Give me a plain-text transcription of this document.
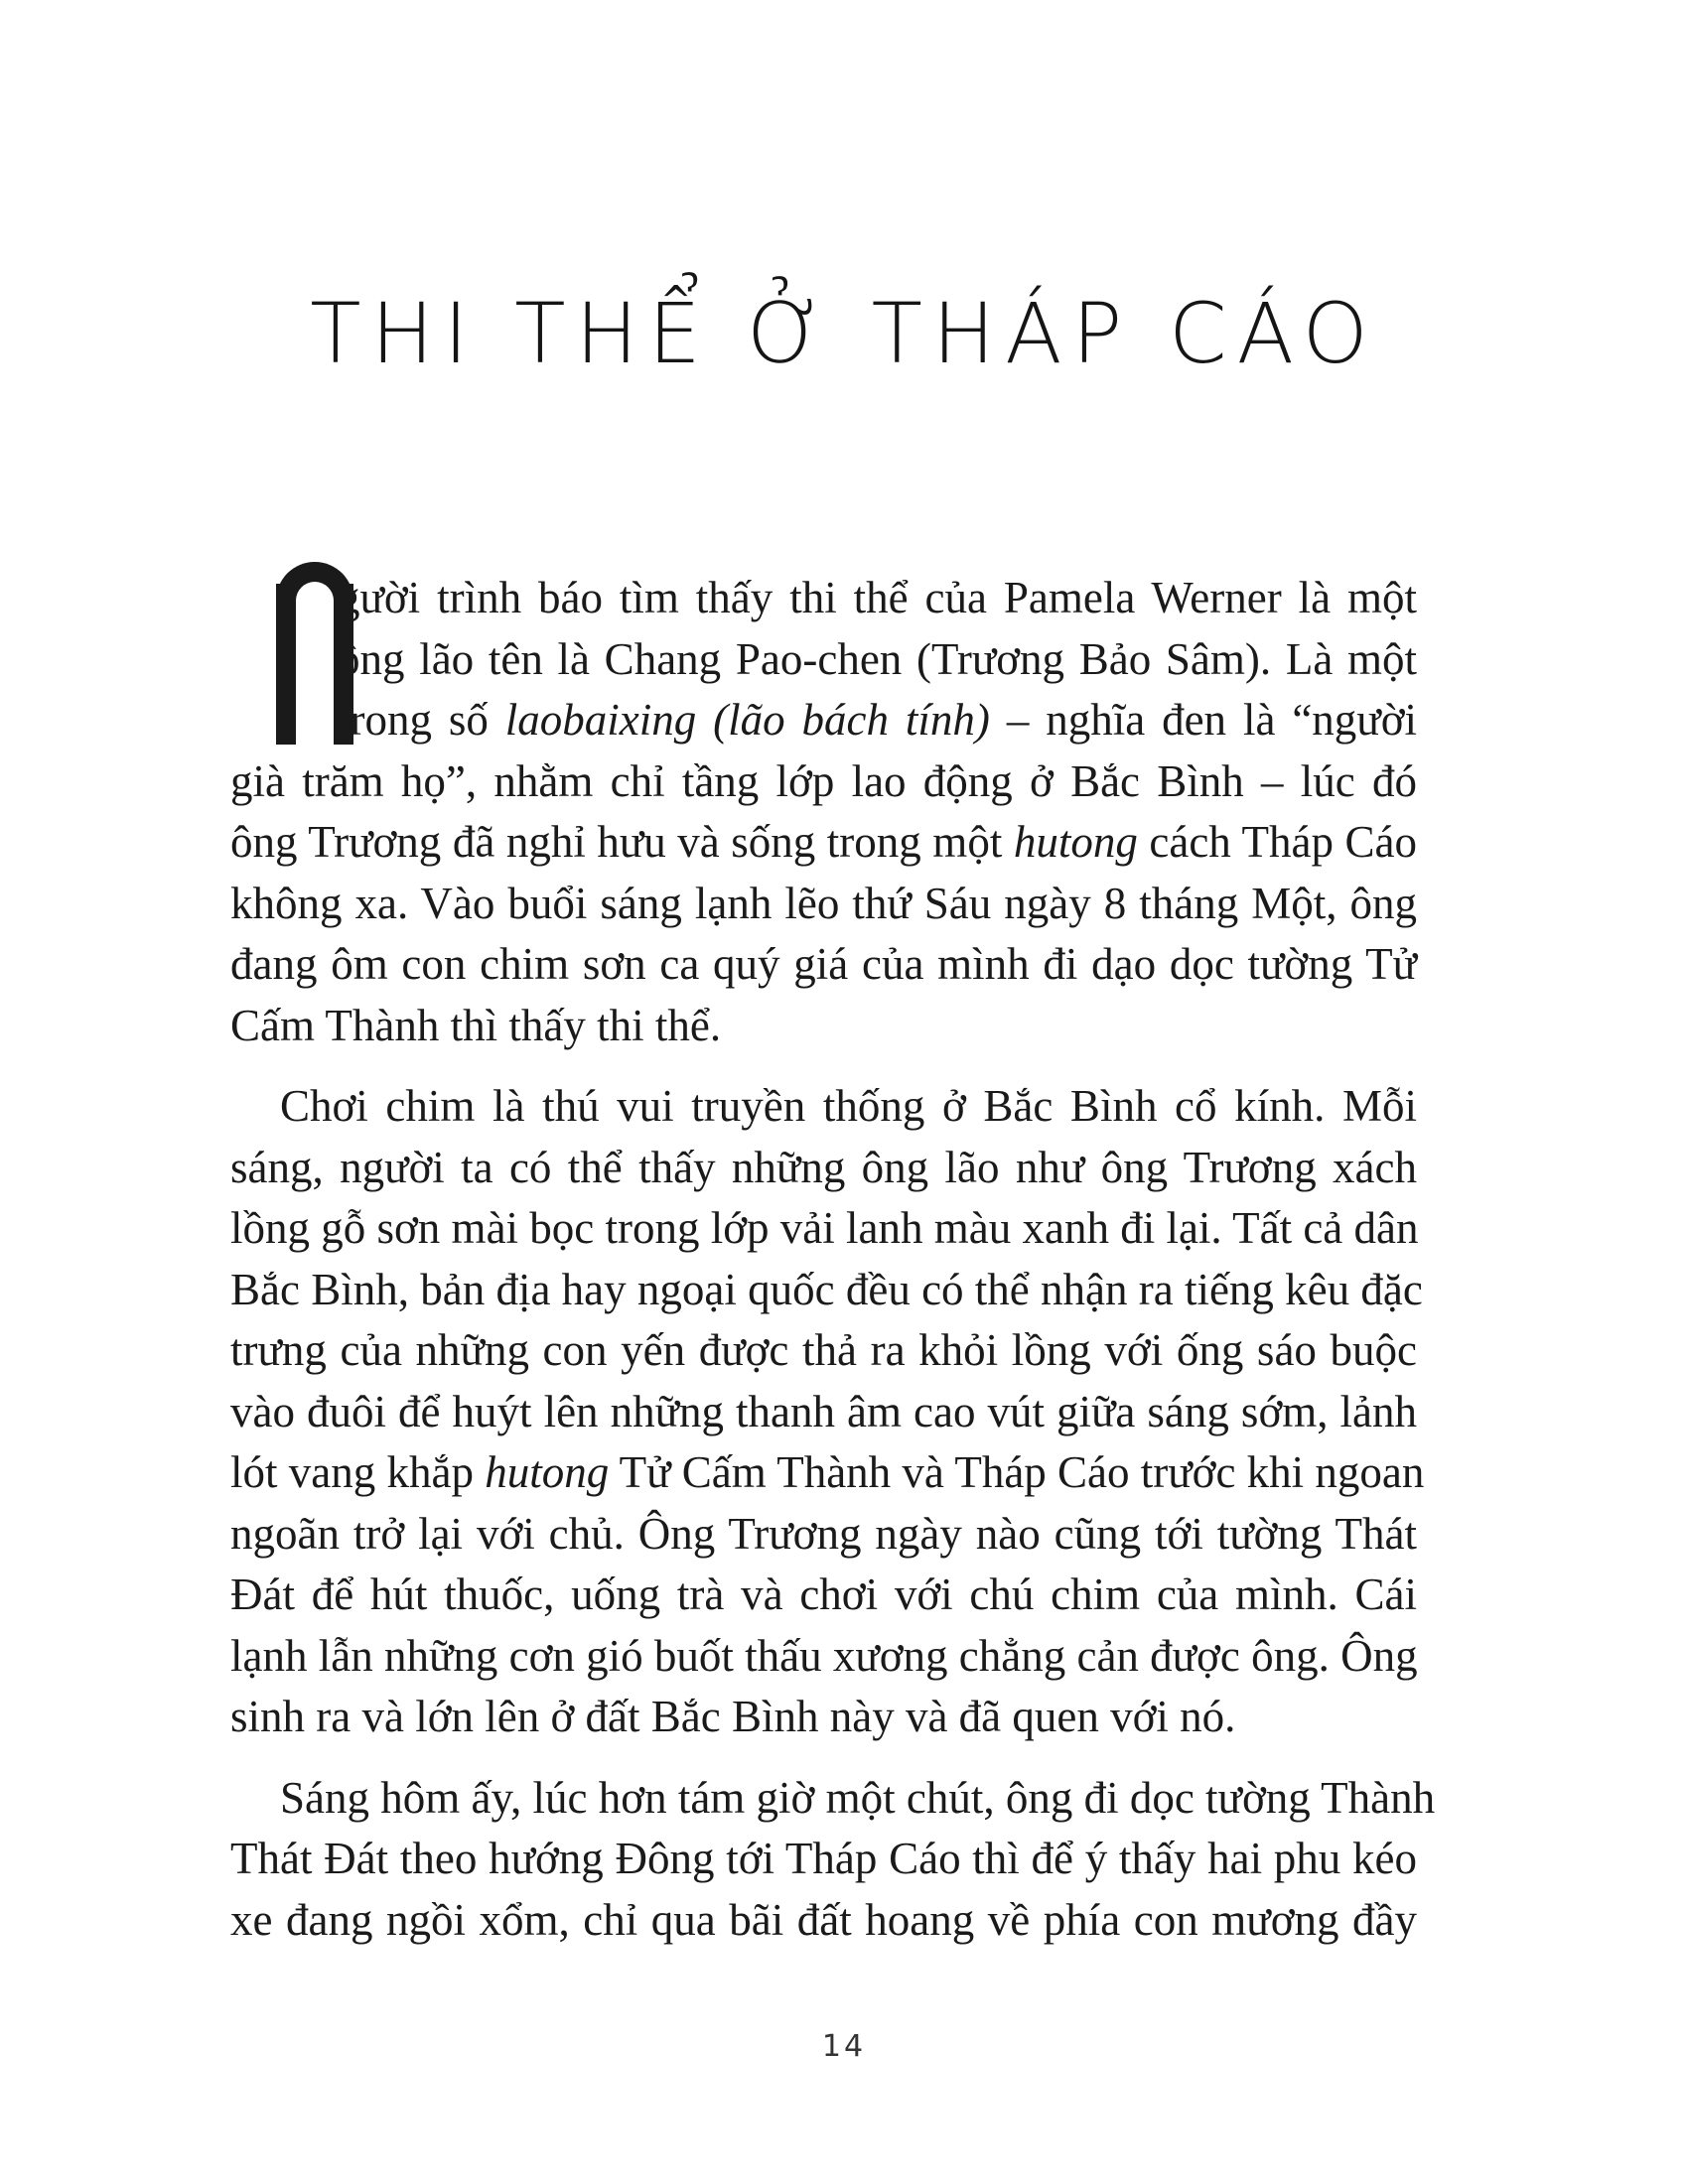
THI THỂ Ở THÁP CÁO
gười trình báo tìm thấy thi thể của Pamela Werner là một
ông lão tên là Chang Pao-chen (Trương Bảo Sâm). Là một
trong số laobaixing (lão bách tính) – nghĩa đen là “người
già trăm họ”, nhằm chỉ tầng lớp lao động ở Bắc Bình – lúc đó
ông Trương đã nghỉ hưu và sống trong một hutong cách Tháp Cáo
không xa. Vào buổi sáng lạnh lẽo thứ Sáu ngày 8 tháng Một, ông
đang ôm con chim sơn ca quý giá của mình đi dạo dọc tường Tử
Cấm Thành thì thấy thi thể.
Chơi chim là thú vui truyền thống ở Bắc Bình cổ kính. Mỗi
sáng, người ta có thể thấy những ông lão như ông Trương xách
lồng gỗ sơn mài bọc trong lớp vải lanh màu xanh đi lại. Tất cả dân
Bắc Bình, bản địa hay ngoại quốc đều có thể nhận ra tiếng kêu đặc
trưng của những con yến được thả ra khỏi lồng với ống sáo buộc
vào đuôi để huýt lên những thanh âm cao vút giữa sáng sớm, lảnh
lót vang khắp hutong Tử Cấm Thành và Tháp Cáo trước khi ngoan
ngoãn trở lại với chủ. Ông Trương ngày nào cũng tới tường Thát
Đát để hút thuốc, uống trà và chơi với chú chim của mình. Cái
lạnh lẫn những cơn gió buốt thấu xương chẳng cản được ông. Ông
sinh ra và lớn lên ở đất Bắc Bình này và đã quen với nó.
Sáng hôm ấy, lúc hơn tám giờ một chút, ông đi dọc tường Thành
Thát Đát theo hướng Đông tới Tháp Cáo thì để ý thấy hai phu kéo
xe đang ngồi xổm, chỉ qua bãi đất hoang về phía con mương đầy
14
